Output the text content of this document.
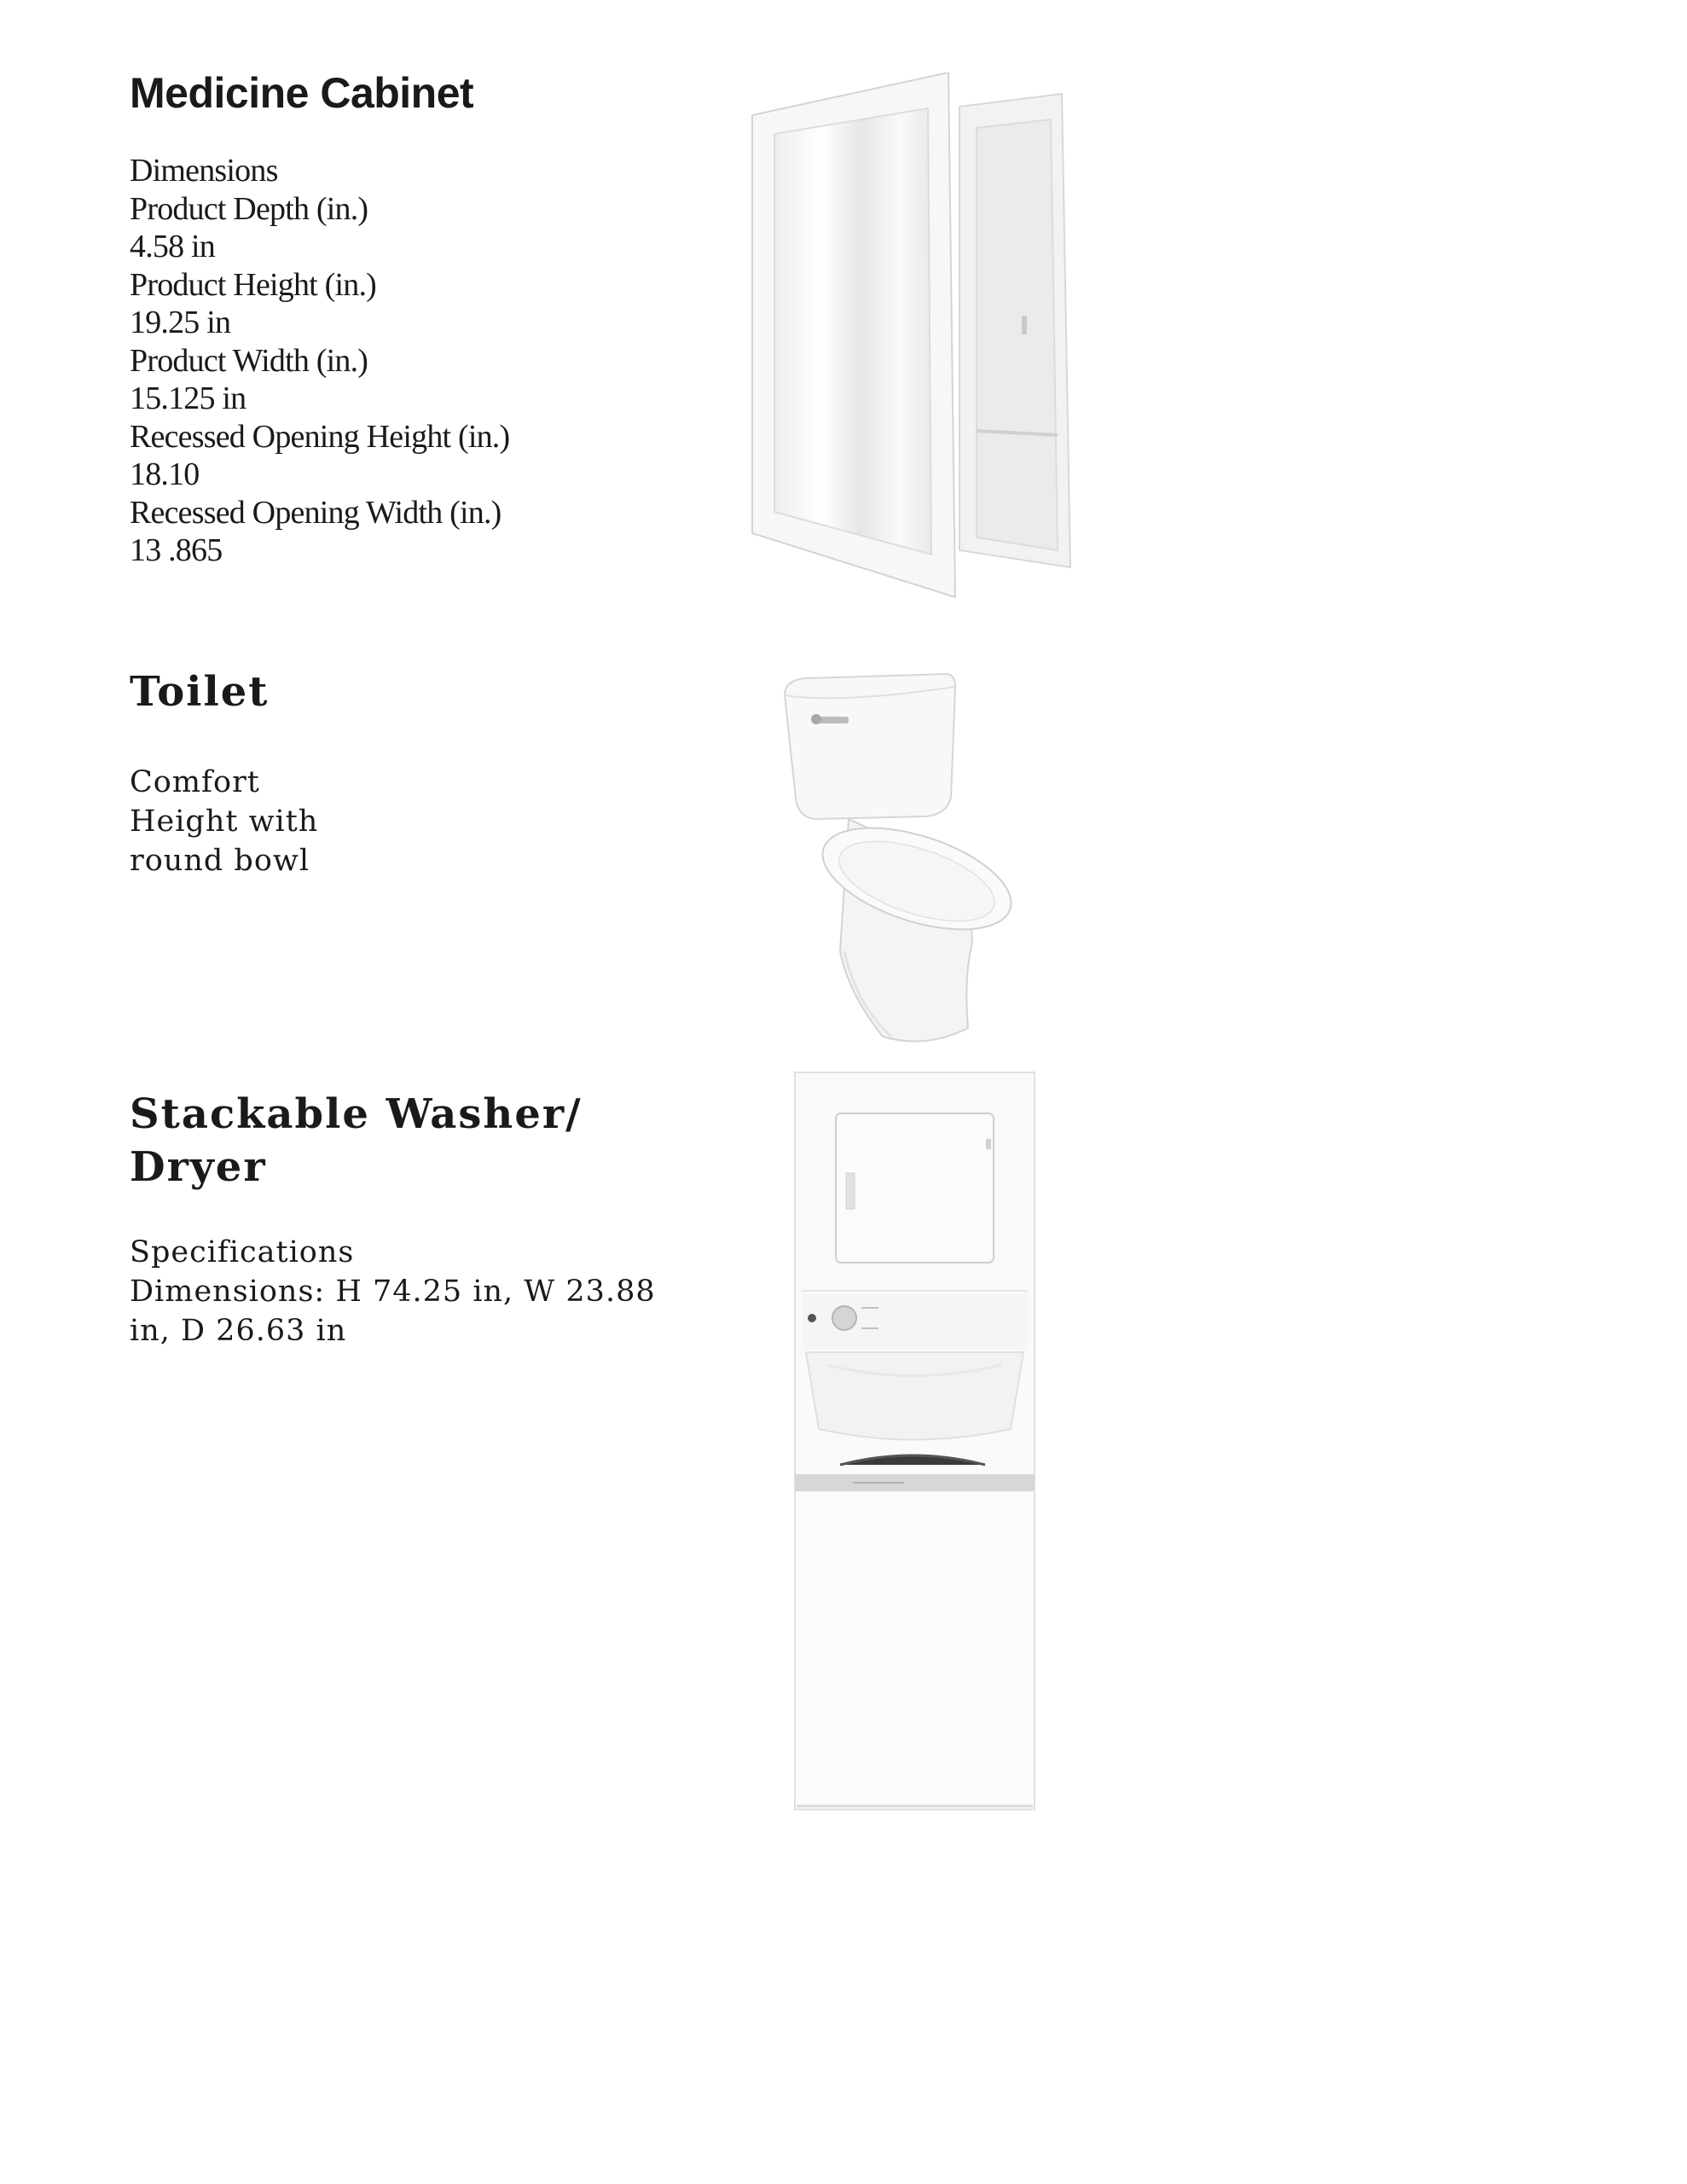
Medicine Cabinet
Dimensions
Product Depth (in.)
4.58 in
Product Height (in.)
19.25 in
Product Width (in.)
15.125 in
Recessed Opening Height (in.)
18.10
Recessed Opening Width (in.)
13 .865
Toilet
Comfort
Height with
round bowl
Stackable Washer/
Dryer
Specifications
Dimensions: H 74.25 in, W 23.88
in, D 26.63 in
